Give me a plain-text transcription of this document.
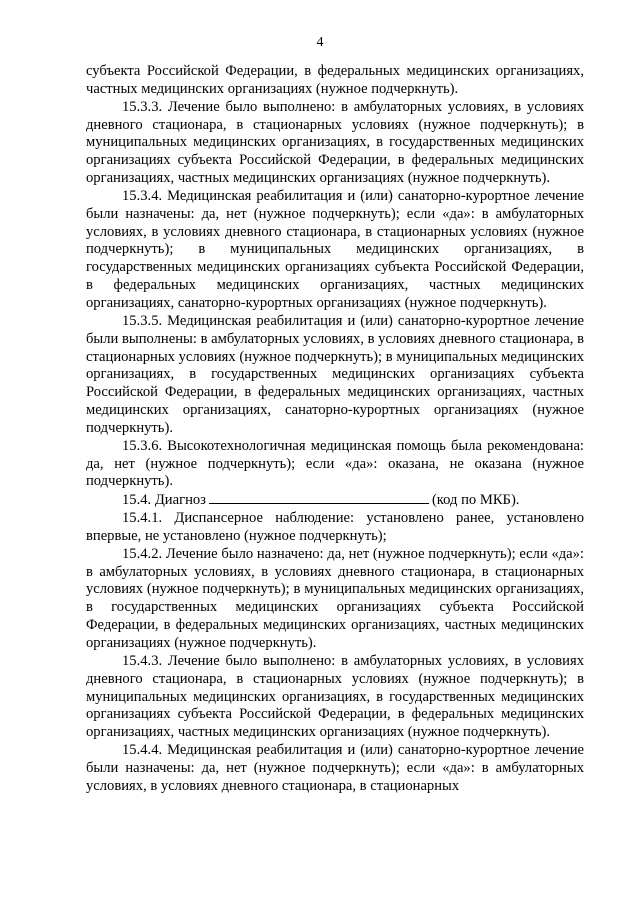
4

субъекта Российской Федерации, в федеральных медицинских организациях, частных медицинских организациях (нужное подчеркнуть).

15.3.3. Лечение было выполнено: в амбулаторных условиях, в условиях дневного стационара, в стационарных условиях (нужное подчеркнуть); в муниципальных медицинских организациях, в государственных медицинских организациях субъекта Российской Федерации, в федеральных медицинских организациях, частных медицинских организациях (нужное подчеркнуть).

15.3.4. Медицинская реабилитация и (или) санаторно-курортное лечение были назначены: да, нет (нужное подчеркнуть); если «да»: в амбулаторных условиях, в условиях дневного стационара, в стационарных условиях (нужное подчеркнуть); в муниципальных медицинских организациях, в государственных медицинских организациях субъекта Российской Федерации, в федеральных медицинских организациях, частных медицинских организациях, санаторно-курортных организациях (нужное подчеркнуть).

15.3.5. Медицинская реабилитация и (или) санаторно-курортное лечение были выполнены: в амбулаторных условиях, в условиях дневного стационара, в стационарных условиях (нужное подчеркнуть); в муниципальных медицинских организациях, в государственных медицинских организациях субъекта Российской Федерации, в федеральных медицинских организациях, частных медицинских организациях, санаторно-курортных организациях (нужное подчеркнуть).

15.3.6. Высокотехнологичная медицинская помощь была рекомендована: да, нет (нужное подчеркнуть); если «да»: оказана, не оказана (нужное подчеркнуть).

15.4. Диагноз	(код по МКБ).

15.4.1. Диспансерное наблюдение: установлено ранее, установлено впервые, не установлено (нужное подчеркнуть);

15.4.2. Лечение было назначено: да, нет (нужное подчеркнуть); если «да»: в амбулаторных условиях, в условиях дневного стационара, в стационарных условиях (нужное подчеркнуть); в муниципальных медицинских организациях, в государственных медицинских организациях субъекта Российской Федерации, в федеральных медицинских организациях, частных медицинских организациях (нужное подчеркнуть).

15.4.3. Лечение было выполнено: в амбулаторных условиях, в условиях дневного стационара, в стационарных условиях (нужное подчеркнуть); в муниципальных медицинских организациях, в государственных медицинских организациях субъекта Российской Федерации, в федеральных медицинских организациях, частных медицинских организациях (нужное подчеркнуть).

15.4.4. Медицинская реабилитация и (или) санаторно-курортное лечение были назначены: да, нет (нужное подчеркнуть); если «да»: в амбулаторных условиях, в условиях дневного стационара, в стационарных
